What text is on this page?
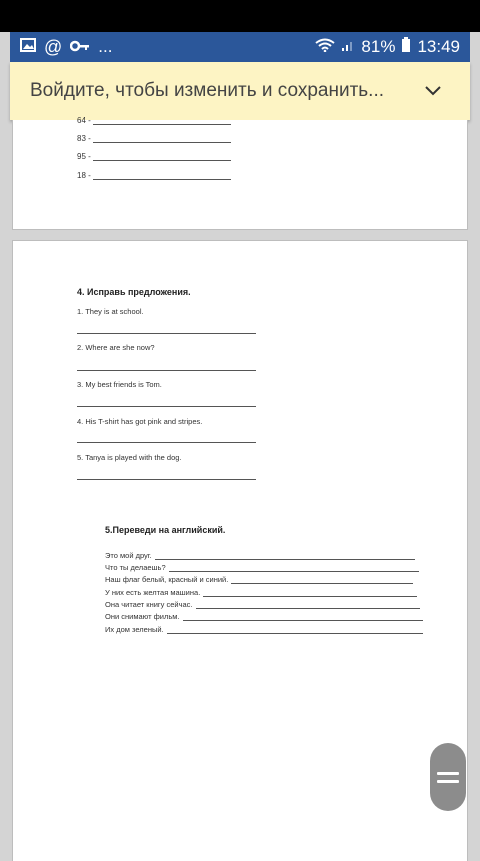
@ ...	81% 13:49
Войдите, чтобы изменить и сохранить...
64 -
83 -
95 -
18 -
4. Исправь предложения.
1. They is at school.
2. Where are she now?
3. My best friends is Tom.
4. His T-shirt has got pink and stripes.
5. Tanya is played with the dog.
5.Переведи на английский.
Это мой друг.
Что ты делаешь?
Наш флаг белый, красный и синий.
У них есть желтая машина.
Она читает книгу сейчас.
Они снимают фильм.
Их дом зеленый.
